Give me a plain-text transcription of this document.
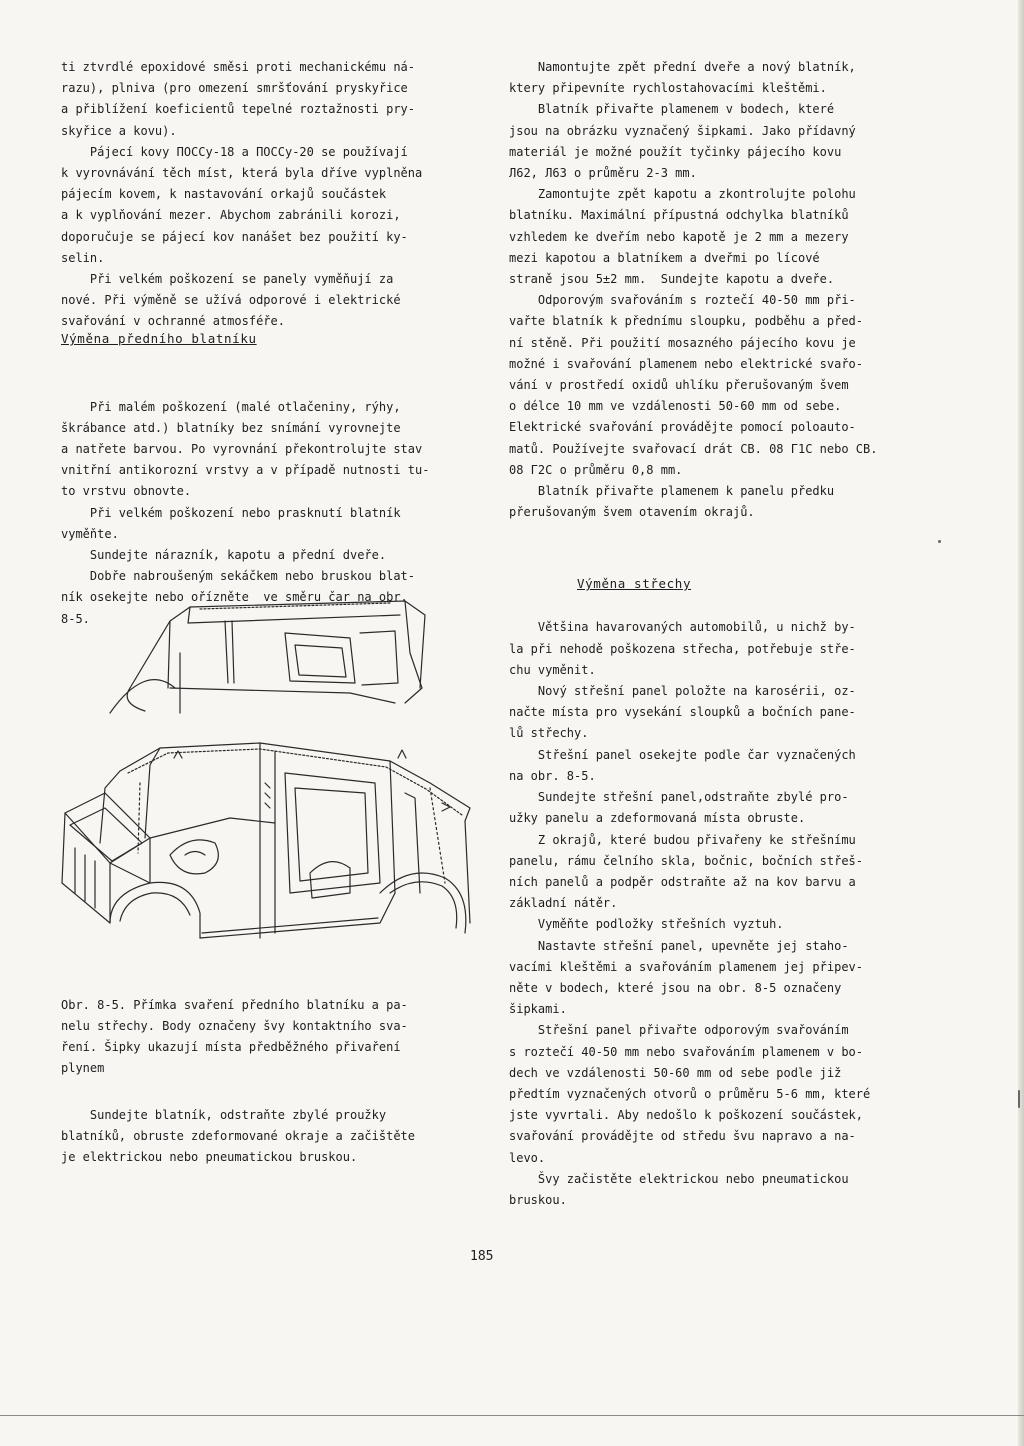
ti ztvrdlé epoxidové směsi proti mechanickému ná-

razu), plniva (pro omezení smršťování pryskyřice

a přiblížení koeficientů tepelné roztažnosti pry-

skyřice a kovu).

Pájecí kovy ПОССу-18 a ПОССу-20 se používají

k vyrovnávání těch míst, která byla dříve vyplněna

pájecím kovem, k nastavování orkajů součástek

a k vyplňování mezer. Abychom zabránili korozi,

doporučuje se pájecí kov nanášet bez použití ky-

selin.

Při velkém poškození se panely vyměňují za

nové. Při výměně se užívá odporové i elektrické

svařování v ochranné atmosféře.

Při malém poškození (malé otlačeniny, rýhy,

škrábance atd.) blatníky bez snímání vyrovnejte

a natřete barvou. Po vyrovnání překontrolujte stav

vnitřní antikorozní vrstvy a v případě nutnosti tu-

to vrstvu obnovte.

Při velkém poškození nebo prasknutí blatník

vyměňte.

Sundejte nárazník, kapotu a přední dveře.

Dobře nabroušeným sekáčkem nebo bruskou blat-

ník osekejte nebo ořízněte  ve směru čar na obr.

8-5.

Výměna předního blatníku

Obr. 8-5. Přímka svaření předního blatníku a pa-

nelu střechy. Body označeny švy kontaktního sva-

ření. Šipky ukazují místa předběžného přivaření

plynem

Sundejte blatník, odstraňte zbylé proužky

blatníků, obruste zdeformované okraje a začištěte

je elektrickou nebo pneumatickou bruskou.

Namontujte zpět přední dveře a nový blatník,

ktery připevníte rychlostahovacími kleštěmi.

Blatník přivařte plamenem v bodech, které

jsou na obrázku vyznačený šipkami. Jako přídavný

materiál je možné použít tyčinky pájecího kovu

Л62, Л63 o průměru 2-3 mm.

Zamontujte zpět kapotu a zkontrolujte polohu

blatníku. Maximální přípustná odchylka blatníků

vzhledem ke dveřím nebo kapotě je 2 mm a mezery

mezi kapotou a blatníkem a dveřmi po lícové

straně jsou 5±2 mm.  Sundejte kapotu a dveře.

Odporovým svařováním s roztečí 40-50 mm při-

vařte blatník k přednímu sloupku, podběhu a před-

ní stěně. Při použití mosazného pájecího kovu je

možné i svařování plamenem nebo elektrické svařo-

vání v prostředí oxidů uhlíku přerušovaným švem

o délce 10 mm ve vzdálenosti 50-60 mm od sebe.

Elektrické svařování provádějte pomocí poloauto-

matů. Používejte svařovací drát CB. 08 Г1С nebo CB.

08 Г2С o průměru 0,8 mm.

Blatník přivařte plamenem k panelu předku

přerušovaným švem otavením okrajů.

Většina havarovaných automobilů, u nichž by-

la při nehodě poškozena střecha, potřebuje stře-

chu vyměnit.

Nový střešní panel položte na karosérii, oz-

načte místa pro vysekání sloupků a bočních pane-

lů střechy.

Střešní panel osekejte podle čar vyznačených

na obr. 8-5.

Sundejte střešní panel,odstraňte zbylé pro-

užky panelu a zdeformovaná místa obruste.

Z okrajů, které budou přivařeny ke střešnímu

panelu, rámu čelního skla, bočnic, bočních střeš-

ních panelů a podpěr odstraňte až na kov barvu a

základní nátěr.

Vyměňte podložky střešních vyztuh.

Nastavte střešní panel, upevněte jej staho-

vacími kleštěmi a svařováním plamenem jej připev-

něte v bodech, které jsou na obr. 8-5 označeny

šipkami.

Střešní panel přivařte odporovým svařováním

s roztečí 40-50 mm nebo svařováním plamenem v bo-

dech ve vzdálenosti 50-60 mm od sebe podle již

předtím vyznačených otvorů o průměru 5-6 mm, které

jste vyvrtali. Aby nedošlo k poškození součástek,

svařování provádějte od středu švu napravo a na-

levo.

Švy začistěte elektrickou nebo pneumatickou

bruskou.

Výměna střechy
185
